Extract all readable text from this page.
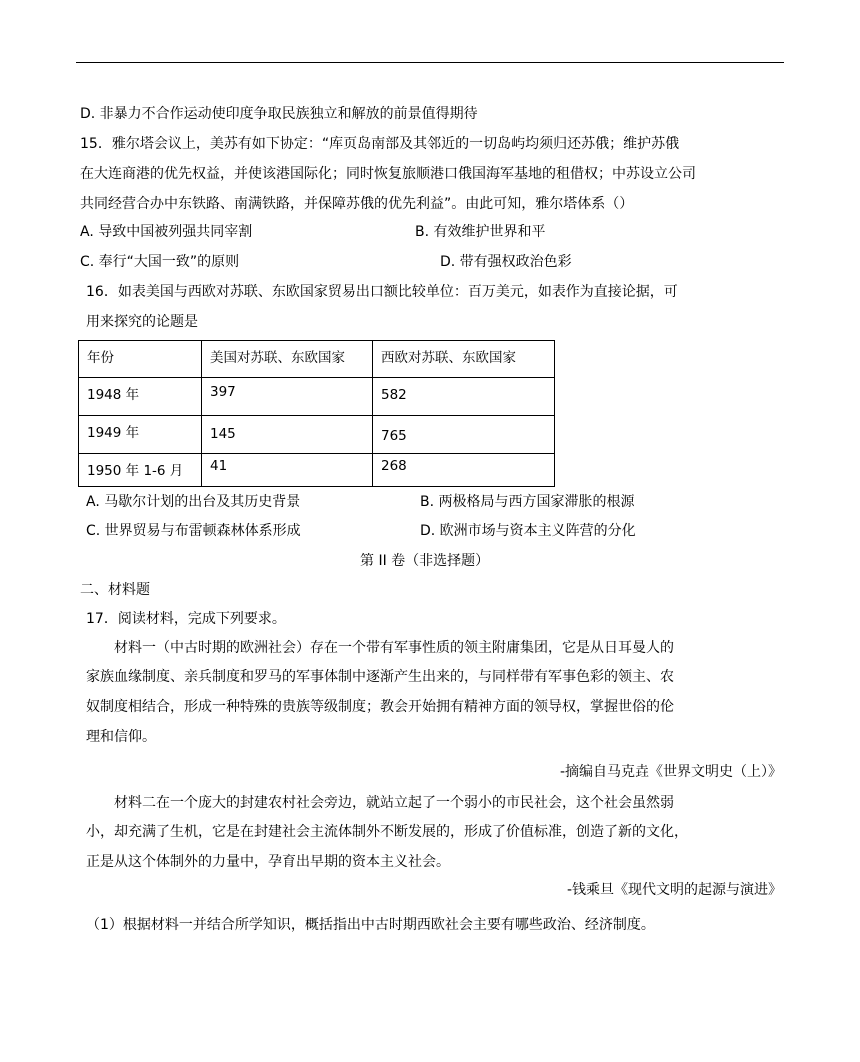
D. 非暴力不合作运动使印度争取民族独立和解放的前景值得期待
15．雅尔塔会议上，美苏有如下协定：“库页岛南部及其邻近的一切岛屿均须归还苏俄；维护苏俄
在大连商港的优先权益，并使该港国际化；同时恢复旅顺港口俄国海军基地的租借权；中苏设立公司
共同经营合办中东铁路、南满铁路，并保障苏俄的优先利益”。由此可知，雅尔塔体系（）
A. 导致中国被列强共同宰割	B. 有效维护世界和平
C. 奉行“大国一致”的原则	D. 带有强权政治色彩
16．如表美国与西欧对苏联、东欧国家贸易出口额比较单位：百万美元，如表作为直接论据，可
用来探究的论题是
年份	美国对苏联、东欧国家	西欧对苏联、东欧国家

1948 年	397	582

1949 年	145	765

1950 年 1-6 月	41	268
A. 马歇尔计划的出台及其历史背景	B. 两极格局与西方国家滞胀的根源
C. 世界贸易与布雷顿森林体系形成	D. 欧洲市场与资本主义阵营的分化
第 II 卷（非选择题）
二、材料题
17．阅读材料，完成下列要求。
材料一（中古时期的欧洲社会）存在一个带有军事性质的领主附庸集团，它是从日耳曼人的
家族血缘制度、亲兵制度和罗马的军事体制中逐渐产生出来的，与同样带有军事色彩的领主、农
奴制度相结合，形成一种特殊的贵族等级制度；教会开始拥有精神方面的领导权，掌握世俗的伦
理和信仰。
-摘编自马克垚《世界文明史（上）》
材料二在一个庞大的封建农村社会旁边，就站立起了一个弱小的市民社会，这个社会虽然弱
小，却充满了生机，它是在封建社会主流体制外不断发展的，形成了价值标准，创造了新的文化，
正是从这个体制外的力量中，孕育出早期的资本主义社会。
-钱乘旦《现代文明的起源与演进》
（1）根据材料一并结合所学知识，概括指出中古时期西欧社会主要有哪些政治、经济制度。
